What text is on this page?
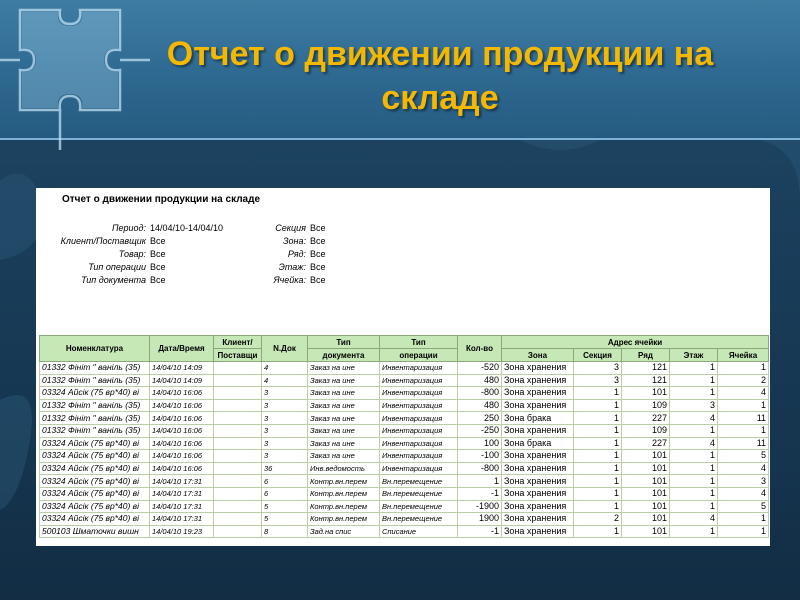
Отчет о движении продукции на
складе
Отчет о движении продукции на складе
Период: 14/04/10-14/04/10
Клиент/Поставщик Все
Товар: Все
Тип операции Все
Тип документа Все
Секция Все
Зона: Все
Ряд: Все
Этаж: Все
Ячейка: Все
Номенклатура	Дата/Время	Клиент/	N.Док	Тип	Тип	Кол-во	Адрес ячейки				
		Поставщи		документа	операции		Зона	Секция	Ряд	Этаж	Ячейка
01332 Фініт " ваніль (35)	14/04/10 14:09		4	Заказ на ине	Инвентаризация	-520	Зона хранения	3	121	1	1
01332 Фініт " ваніль (35)	14/04/10 14:09		4	Заказ на ине	Инвентаризация	480	Зона хранения	3	121	1	2
03324 Айсік (75 вр*40) ві	14/04/10 16:06		3	Заказ на ине	Инвентаризация	-800	Зона хранения	1	101	1	4
01332 Фініт " ваніль (35)	14/04/10 16:06		3	Заказ на ине	Инвентаризация	480	Зона хранения	1	109	3	1
01332 Фініт " ваніль (35)	14/04/10 16:06		3	Заказ на ине	Инвентаризация	250	Зона брака	1	227	4	11
01332 Фініт " ваніль (35)	14/04/10 16:06		3	Заказ на ине	Инвентаризация	-250	Зона хранения	1	109	1	1
03324 Айсік (75 вр*40) ві	14/04/10 16:06		3	Заказ на ине	Инвентаризация	100	Зона брака	1	227	4	11
03324 Айсік (75 вр*40) ві	14/04/10 16:06		3	Заказ на ине	Инвентаризация	-100	Зона хранения	1	101	1	5
03324 Айсік (75 вр*40) ві	14/04/10 16:06		36	Инв.ведомость	Инвентаризация	-800	Зона хранения	1	101	1	4
03324 Айсік (75 вр*40) ві	14/04/10 17:31		6	Контр.вн.перем	Вн.перемещение	1	Зона хранения	1	101	1	3
03324 Айсік (75 вр*40) ві	14/04/10 17:31		6	Контр.вн.перем	Вн.перемещение	-1	Зона хранения	1	101	1	4
03324 Айсік (75 вр*40) ві	14/04/10 17:31		5	Контр.вн.перем	Вн.перемещение	-1900	Зона хранения	1	101	1	5
03324 Айсік (75 вр*40) ві	14/04/10 17:31		5	Контр.вн.перем	Вн.перемещение	1900	Зона хранения	2	101	4	1
500103 Шматочки вишн	14/04/10 19:23		8	Зад.на спис	Списание	-1	Зона хранения	1	101	1	1
